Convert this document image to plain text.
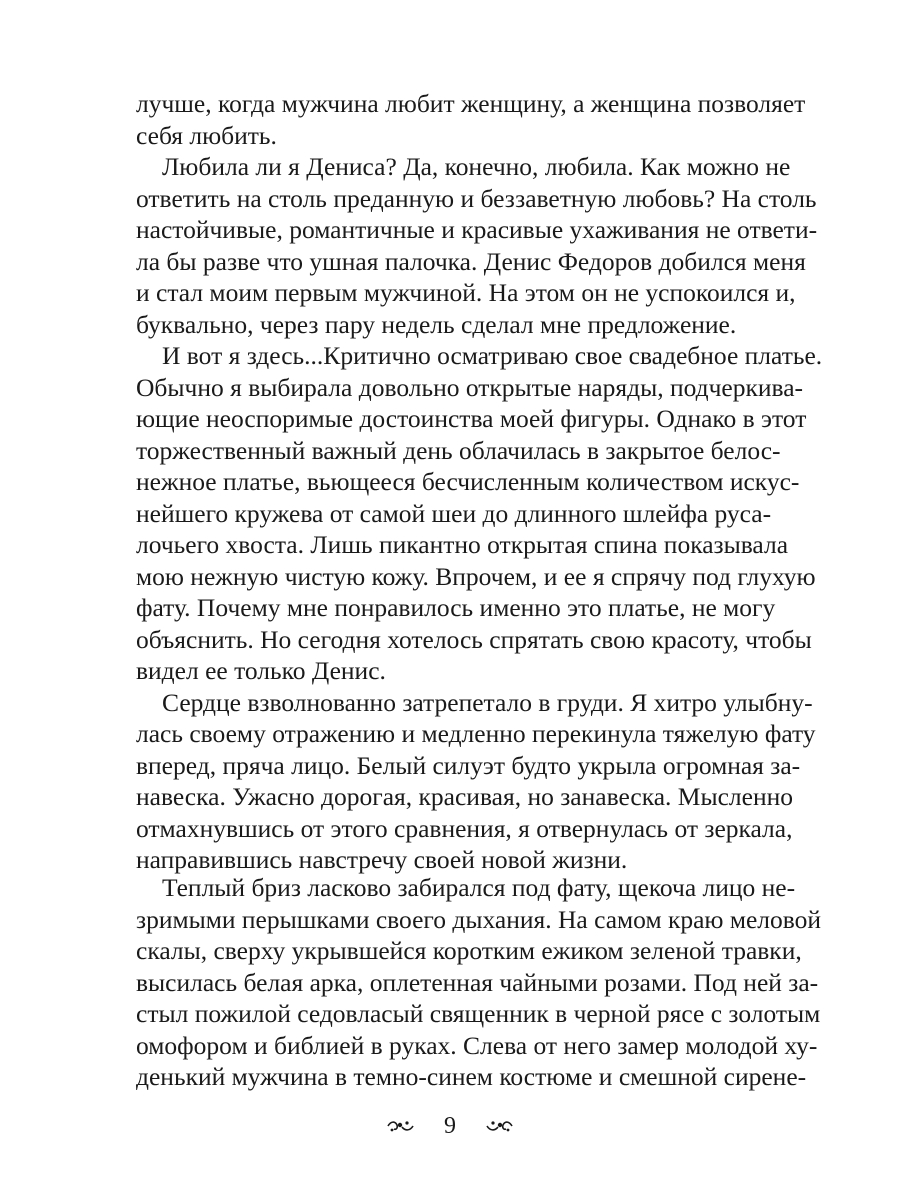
лучше, когда мужчина любит женщину, а женщина позволяет
себя любить.
Любила ли я Дениса? Да, конечно, любила. Как можно не
ответить на столь преданную и беззаветную любовь? На столь
настойчивые, романтичные и красивые ухаживания не ответи-
ла бы разве что ушная палочка. Денис Федоров добился меня
и стал моим первым мужчиной. На этом он не успокоился и,
буквально, через пару недель сделал мне предложение.
И вот я здесь...Критично осматриваю свое свадебное платье.
Обычно я выбирала довольно открытые наряды, подчеркива-
ющие неоспоримые достоинства моей фигуры. Однако в этот
торжественный важный день облачилась в закрытое белос-
нежное платье, вьющееся бесчисленным количеством искус-
нейшего кружева от самой шеи до длинного шлейфа руса-
лочьего хвоста. Лишь пикантно открытая спина показывала
мою нежную чистую кожу. Впрочем, и ее я спрячу под глухую
фату. Почему мне понравилось именно это платье, не могу
объяснить. Но сегодня хотелось спрятать свою красоту, чтобы
видел ее только Денис.
Сердце взволнованно затрепетало в груди. Я хитро улыбну-
лась своему отражению и медленно перекинула тяжелую фату
вперед, пряча лицо. Белый силуэт будто укрыла огромная за-
навеска. Ужасно дорогая, красивая, но занавеска. Мысленно
отмахнувшись от этого сравнения, я отвернулась от зеркала,
направившись навстречу своей новой жизни.
Теплый бриз ласково забирался под фату, щекоча лицо не-
зримыми перышками своего дыхания. На самом краю меловой
скалы, сверху укрывшейся коротким ежиком зеленой травки,
высилась белая арка, оплетенная чайными розами. Под ней за-
стыл пожилой седовласый священник в черной рясе с золотым
омофором и библией в руках. Слева от него замер молодой ху-
денький мужчина в темно-синем костюме и смешной сирене-
9
